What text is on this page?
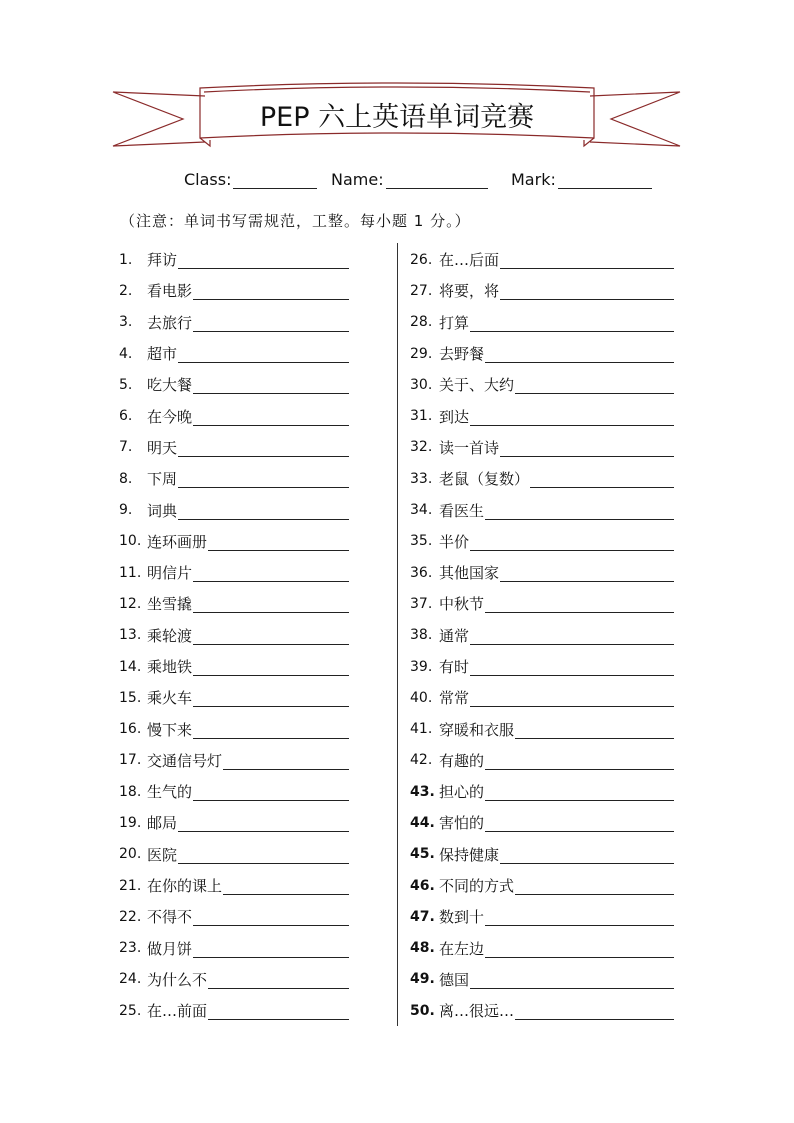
PEP 六上英语单词竞赛
Class:	Name:	Mark:
（注意：单词书写需规范，工整。每小题 1 分。）
1. 拜访
2. 看电影
3. 去旅行
4. 超市
5. 吃大餐
6. 在今晚
7. 明天
8. 下周
9. 词典
10. 连环画册
11. 明信片
12. 坐雪撬
13. 乘轮渡
14. 乘地铁
15. 乘火车
16. 慢下来
17. 交通信号灯
18. 生气的
19. 邮局
20. 医院
21. 在你的课上
22. 不得不
23. 做月饼
24. 为什么不
25. 在…前面
26. 在…后面
27. 将要，将
28. 打算
29. 去野餐
30. 关于、大约
31. 到达
32. 读一首诗
33. 老鼠（复数）
34. 看医生
35. 半价
36. 其他国家
37. 中秋节
38. 通常
39. 有时
40. 常常
41. 穿暖和衣服
42. 有趣的
43. 担心的
44. 害怕的
45. 保持健康
46. 不同的方式
47. 数到十
48. 在左边
49. 德国
50. 离…很远…
